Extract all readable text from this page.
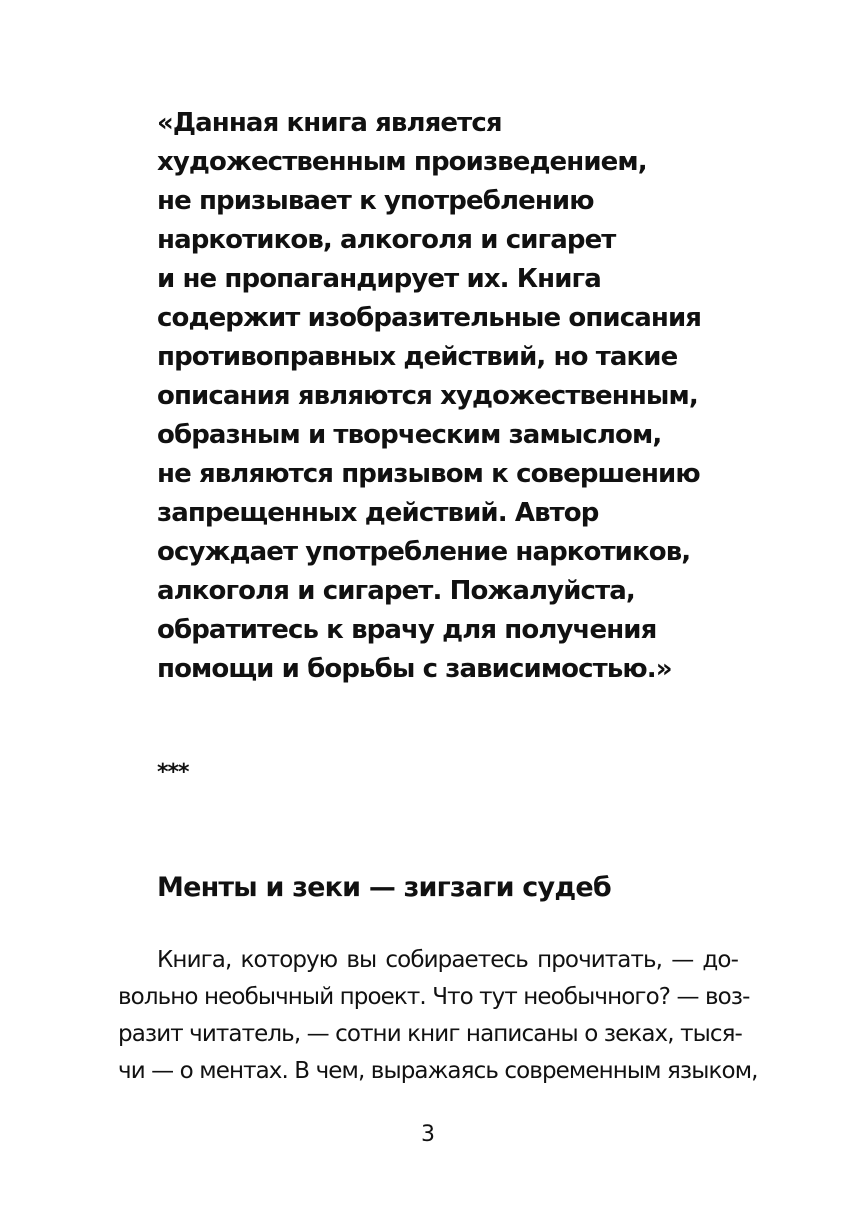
«Данная книга является
художественным произведением,
не призывает к употреблению
наркотиков, алкоголя и сигарет
и не пропагандирует их. Книга
содержит изобразительные описания
противоправных действий, но такие
описания являются художественным,
образным и творческим замыслом,
не являются призывом к совершению
запрещенных действий. Автор
осуждает употребление наркотиков,
алкоголя и сигарет. Пожалуйста,
обратитесь к врачу для получения
помощи и борьбы с зависимостью.»
***
Менты и зеки — зигзаги судеб
Книга, которую вы собираетесь прочитать, — до-
вольно необычный проект. Что тут необычного? — воз-
разит читатель, — сотни книг написаны о зеках, тыся-
чи — о ментах. В чем, выражаясь современным языком,
3
